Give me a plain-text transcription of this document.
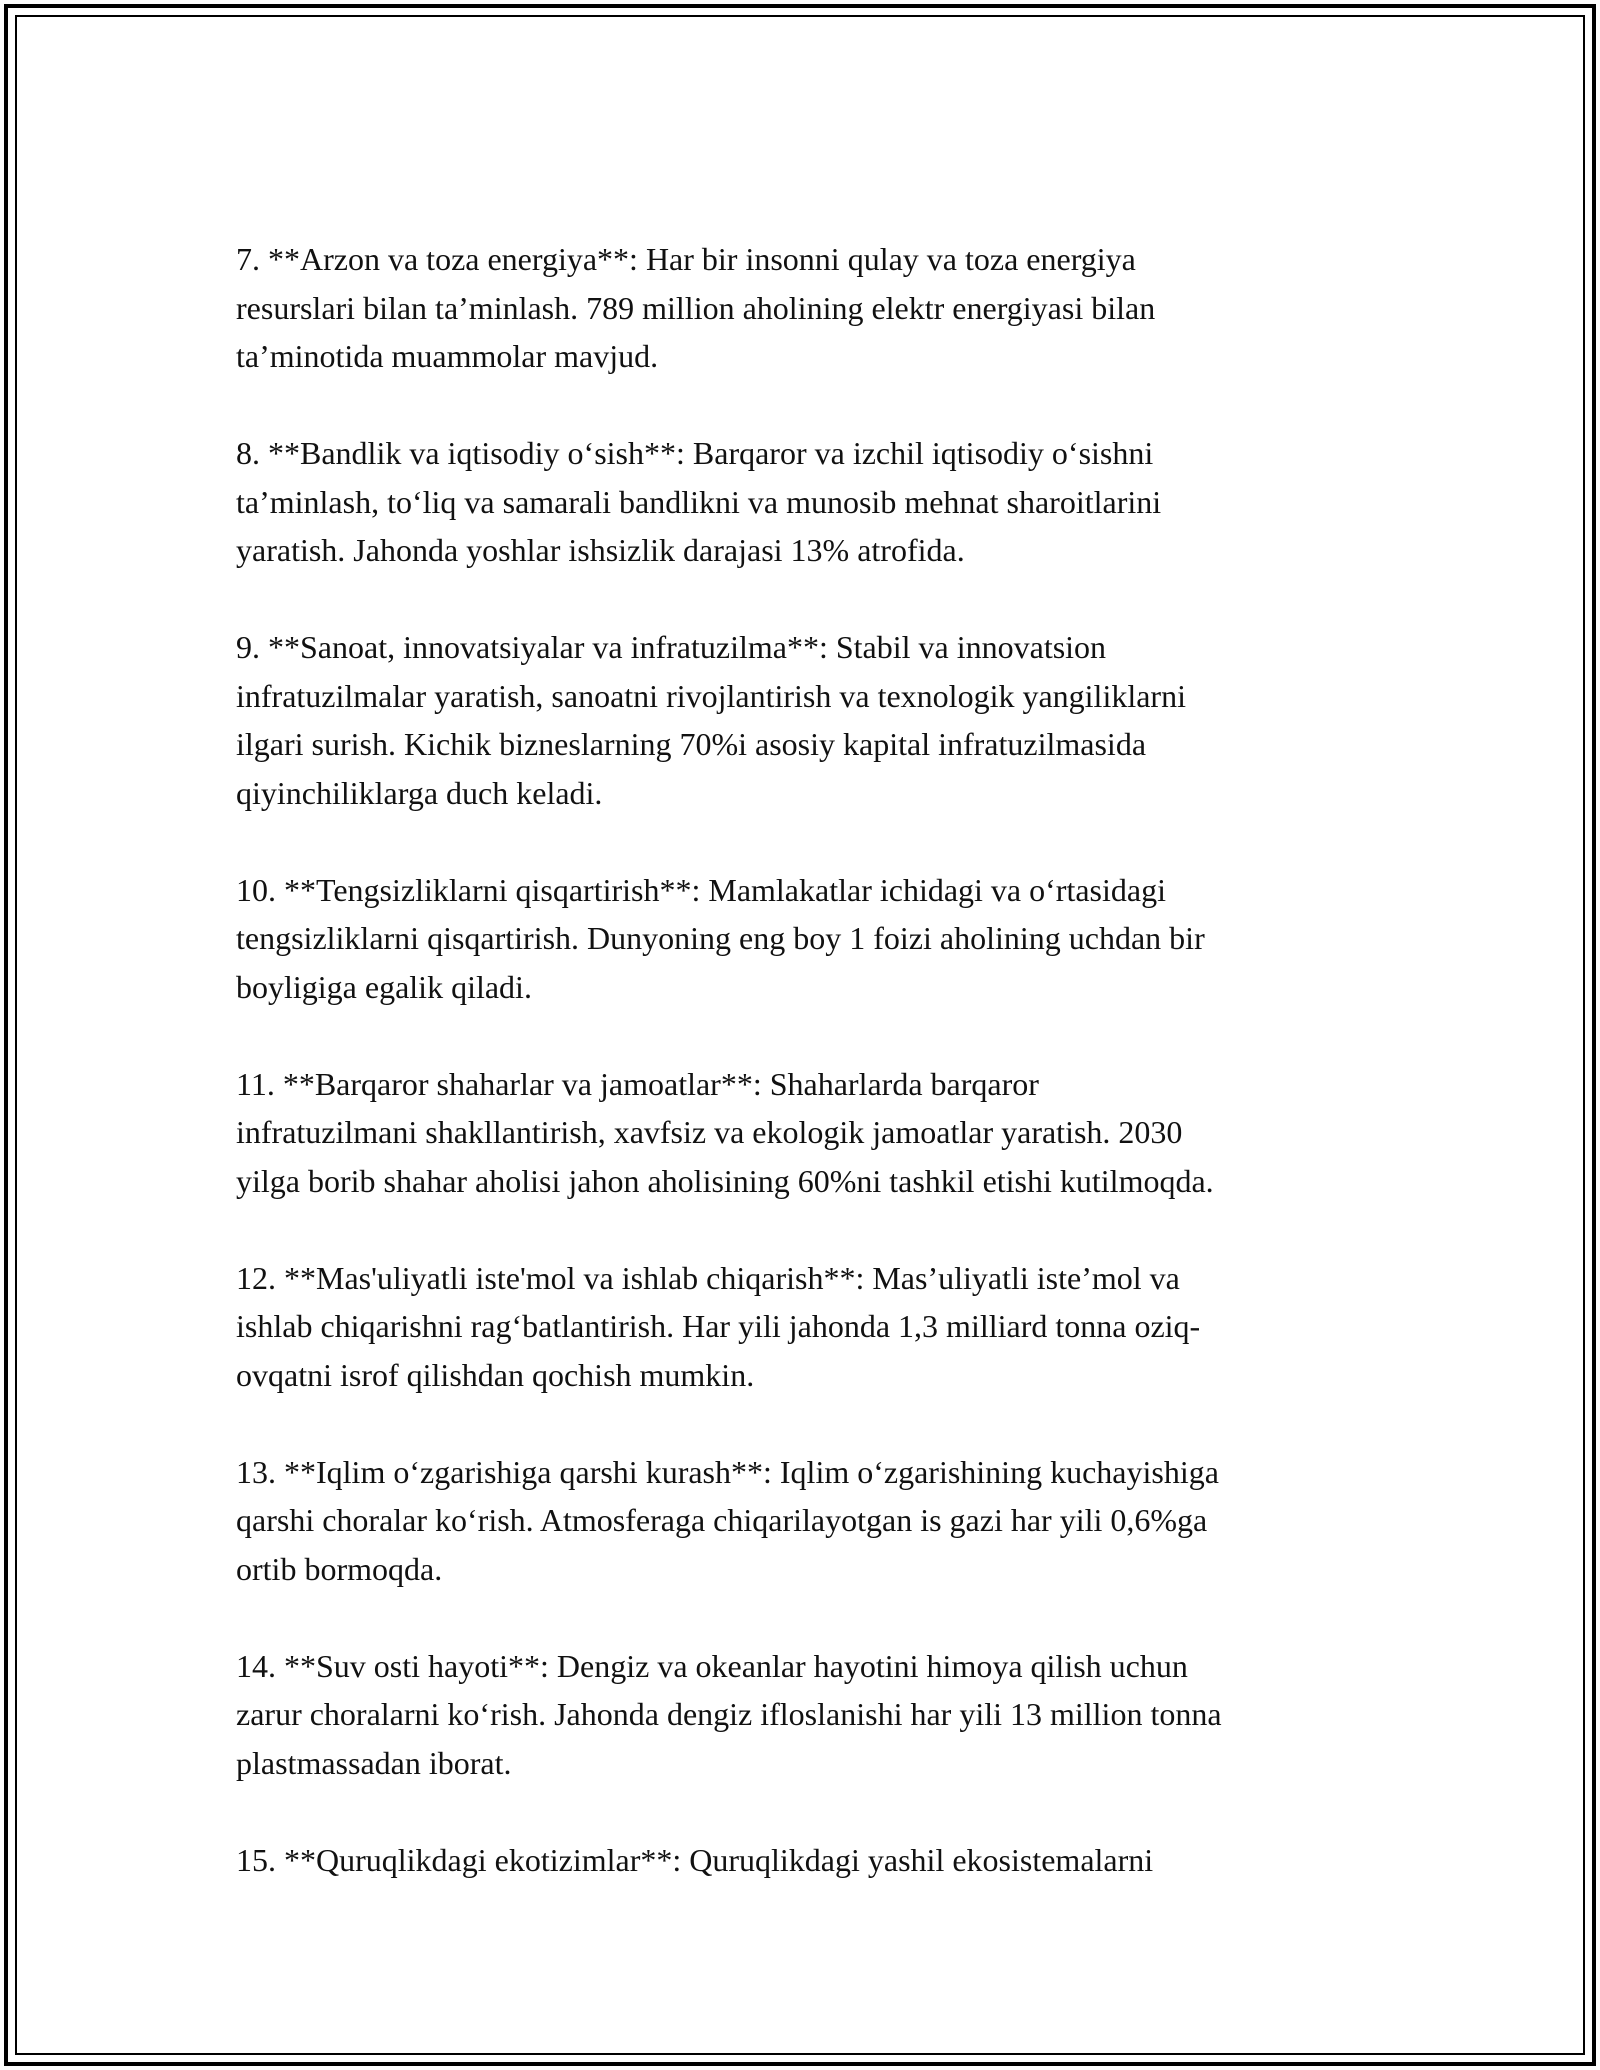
7. **Arzon va toza energiya**: Har bir insonni qulay va toza energiya
resurslari bilan ta’minlash. 789 million aholining elektr energiyasi bilan
ta’minotida muammolar mavjud.

8. **Bandlik va iqtisodiy o‘sish**: Barqaror va izchil iqtisodiy o‘sishni
ta’minlash, to‘liq va samarali bandlikni va munosib mehnat sharoitlarini
yaratish. Jahonda yoshlar ishsizlik darajasi 13% atrofida.

9. **Sanoat, innovatsiyalar va infratuzilma**: Stabil va innovatsion
infratuzilmalar yaratish, sanoatni rivojlantirish va texnologik yangiliklarni
ilgari surish. Kichik bizneslarning 70%i asosiy kapital infratuzilmasida
qiyinchiliklarga duch keladi.

10. **Tengsizliklarni qisqartirish**: Mamlakatlar ichidagi va o‘rtasidagi
tengsizliklarni qisqartirish. Dunyoning eng boy 1 foizi aholining uchdan bir
boyligiga egalik qiladi.

11. **Barqaror shaharlar va jamoatlar**: Shaharlarda barqaror
infratuzilmani shakllantirish, xavfsiz va ekologik jamoatlar yaratish. 2030
yilga borib shahar aholisi jahon aholisining 60%ni tashkil etishi kutilmoqda.

12. **Mas'uliyatli iste'mol va ishlab chiqarish**: Mas’uliyatli iste’mol va
ishlab chiqarishni rag‘batlantirish. Har yili jahonda 1,3 milliard tonna oziq-
ovqatni isrof qilishdan qochish mumkin.

13. **Iqlim o‘zgarishiga qarshi kurash**: Iqlim o‘zgarishining kuchayishiga
qarshi choralar ko‘rish. Atmosferaga chiqarilayotgan is gazi har yili 0,6%ga
ortib bormoqda.

14. **Suv osti hayoti**: Dengiz va okeanlar hayotini himoya qilish uchun
zarur choralarni ko‘rish. Jahonda dengiz ifloslanishi har yili 13 million tonna
plastmassadan iborat.

15. **Quruqlikdagi ekotizimlar**: Quruqlikdagi yashil ekosistemalarni
